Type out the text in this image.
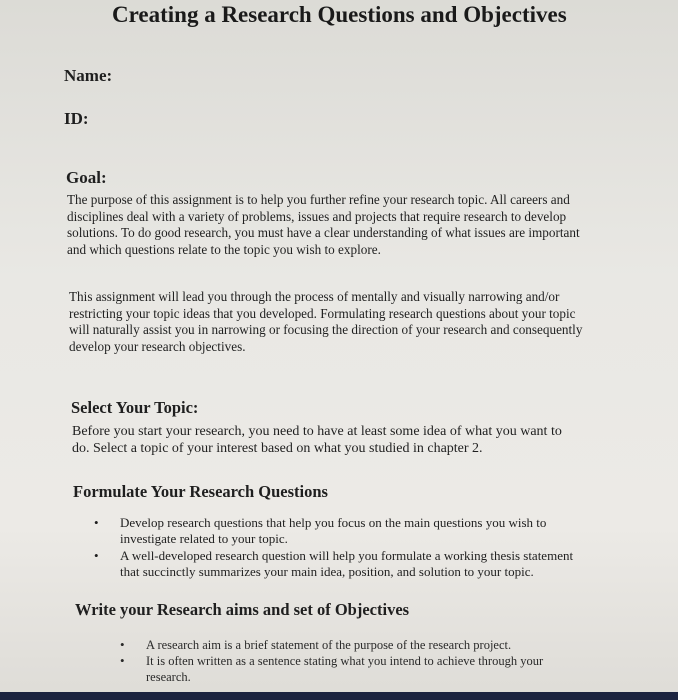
Creating a Research Questions and Objectives

Name:

ID:

Goal:

The purpose of this assignment is to help you further refine your research topic. All careers and

disciplines deal with a variety of problems, issues and projects that require research to develop

solutions. To do good research, you must have a clear understanding of what issues are important

and which questions relate to the topic you wish to explore.

This assignment will lead you through the process of mentally and visually narrowing and/or

restricting your topic ideas that you developed. Formulating research questions about your topic

will naturally assist you in narrowing or focusing the direction of your research and consequently

develop your research objectives.

Select Your Topic:

Before you start your research, you need to have at least some idea of what you want to

do. Select a topic of your interest based on what you studied in chapter 2.

Formulate Your Research Questions

• Develop research questions that help you focus on the main questions you wish to

investigate related to your topic.

• A well-developed research question will help you formulate a working thesis statement

that succinctly summarizes your main idea, position, and solution to your topic.

Write your Research aims and set of Objectives

• A research aim is a brief statement of the purpose of the research project.

• It is often written as a sentence stating what you intend to achieve through your

research.
